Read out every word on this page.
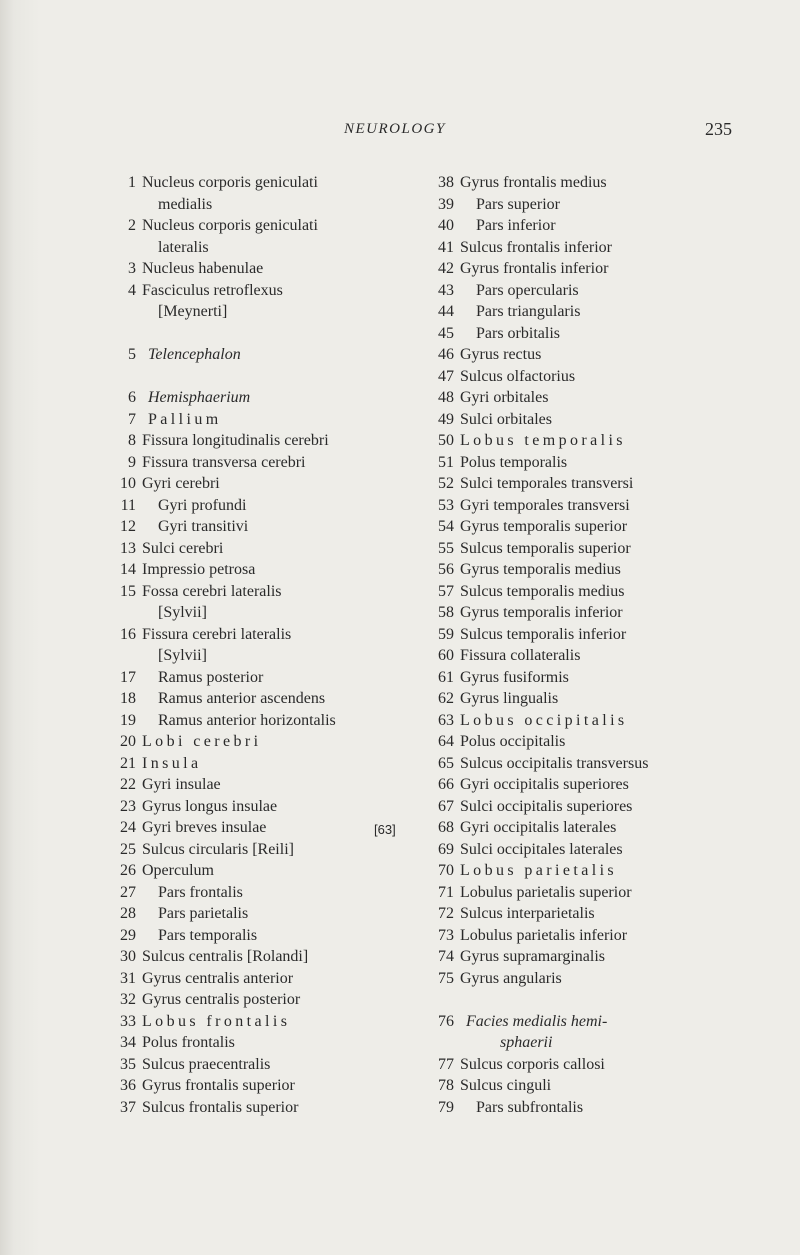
NEUROLOGY	235
1 Nucleus corporis geniculati
medialis
2 Nucleus corporis geniculati
lateralis
3 Nucleus habenulae
4 Fasciculus retroflexus
[Meynerti]
5 Telencephalon
6 Hemisphaerium
7 Pallium
8 Fissura longitudinalis cerebri
9 Fissura transversa cerebri
10 Gyri cerebri
11 Gyri profundi
12 Gyri transitivi
13 Sulci cerebri
14 Impressio petrosa
15 Fossa cerebri lateralis
[Sylvii]
16 Fissura cerebri lateralis
[Sylvii]
17 Ramus posterior
18 Ramus anterior ascendens
19 Ramus anterior horizontalis
20 Lobi cerebri
21 Insula
22 Gyri insulae
23 Gyrus longus insulae
24 Gyri breves insulae
25 Sulcus circularis [Reili]
26 Operculum
27 Pars frontalis
28 Pars parietalis
29 Pars temporalis
30 Sulcus centralis [Rolandi]
31 Gyrus centralis anterior
32 Gyrus centralis posterior
33 Lobus frontalis
34 Polus frontalis
35 Sulcus praecentralis
36 Gyrus frontalis superior
37 Sulcus frontalis superior
38 Gyrus frontalis medius
39 Pars superior
40 Pars inferior
41 Sulcus frontalis inferior
42 Gyrus frontalis inferior
43 Pars opercularis
44 Pars triangularis
45 Pars orbitalis
46 Gyrus rectus
47 Sulcus olfactorius
48 Gyri orbitales
49 Sulci orbitales
50 Lobus temporalis
51 Polus temporalis
52 Sulci temporales transversi
53 Gyri temporales transversi
54 Gyrus temporalis superior
55 Sulcus temporalis superior
56 Gyrus temporalis medius
57 Sulcus temporalis medius
58 Gyrus temporalis inferior
59 Sulcus temporalis inferior
60 Fissura collateralis
61 Gyrus fusiformis
62 Gyrus lingualis
63 Lobus occipitalis
64 Polus occipitalis
65 Sulcus occipitalis transversus
66 Gyri occipitalis superiores
67 Sulci occipitalis superiores
68 Gyri occipitalis laterales
69 Sulci occipitales laterales
70 Lobus parietalis
71 Lobulus parietalis superior
72 Sulcus interparietalis
73 Lobulus parietalis inferior
74 Gyrus supramarginalis
75 Gyrus angularis
76 Facies medialis hemi-
sphaerii
77 Sulcus corporis callosi
78 Sulcus cinguli
79 Pars subfrontalis
[63]
